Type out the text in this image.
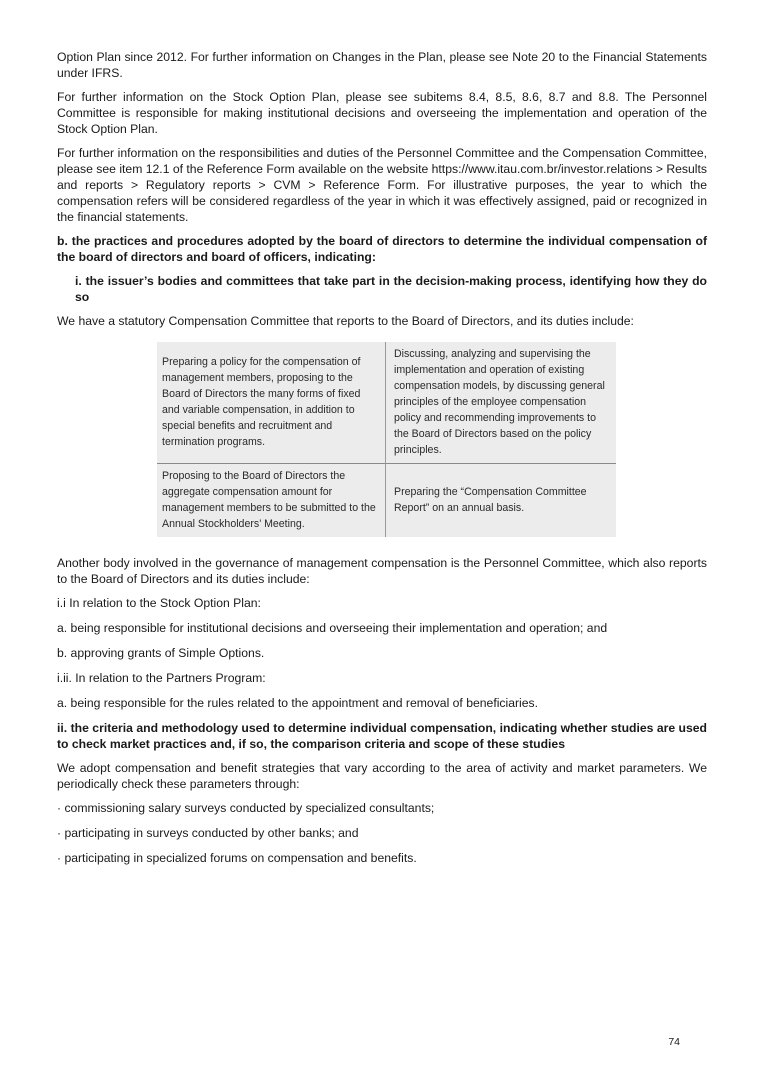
Option Plan since 2012. For further information on Changes in the Plan, please see Note 20 to the Financial Statements under IFRS.

For further information on the Stock Option Plan, please see subitems 8.4, 8.5, 8.6, 8.7 and 8.8. The Personnel Committee is responsible for making institutional decisions and overseeing the implementation and operation of the Stock Option Plan.

For further information on the responsibilities and duties of the Personnel Committee and the Compensation Committee, please see item 12.1 of the Reference Form available on the website https://www.itau.com.br/investor.relations > Results and reports > Regulatory reports > CVM > Reference Form. For illustrative purposes, the year to which the compensation refers will be considered regardless of the year in which it was effectively assigned, paid or recognized in the financial statements.

b. the practices and procedures adopted by the board of directors to determine the individual compensation of the board of directors and board of officers, indicating:

i. the issuer’s bodies and committees that take part in the decision-making process, identifying how they do so

We have a statutory Compensation Committee that reports to the Board of Directors, and its duties include:

Preparing a policy for the compensation of management members, proposing to the Board of Directors the many forms of fixed and variable compensation, in addition to special benefits and recruitment and termination programs.
Discussing, analyzing and supervising the implementation and operation of existing compensation models, by discussing general principles of the employee compensation policy and recommending improvements to the Board of Directors based on the policy principles.
Proposing to the Board of Directors the aggregate compensation amount for management members to be submitted to the Annual Stockholders’ Meeting.
Preparing the “Compensation Committee Report” on an annual basis.

Another body involved in the governance of management compensation is the Personnel Committee, which also reports to the Board of Directors and its duties include:

i.i In relation to the Stock Option Plan:

a. being responsible for institutional decisions and overseeing their implementation and operation; and

b. approving grants of Simple Options.

i.ii. In relation to the Partners Program:

a. being responsible for the rules related to the appointment and removal of beneficiaries.

ii. the criteria and methodology used to determine individual compensation, indicating whether studies are used to check market practices and, if so, the comparison criteria and scope of these studies

We adopt compensation and benefit strategies that vary according to the area of activity and market parameters. We periodically check these parameters through:

· commissioning salary surveys conducted by specialized consultants;

· participating in surveys conducted by other banks; and

· participating in specialized forums on compensation and benefits.

74
